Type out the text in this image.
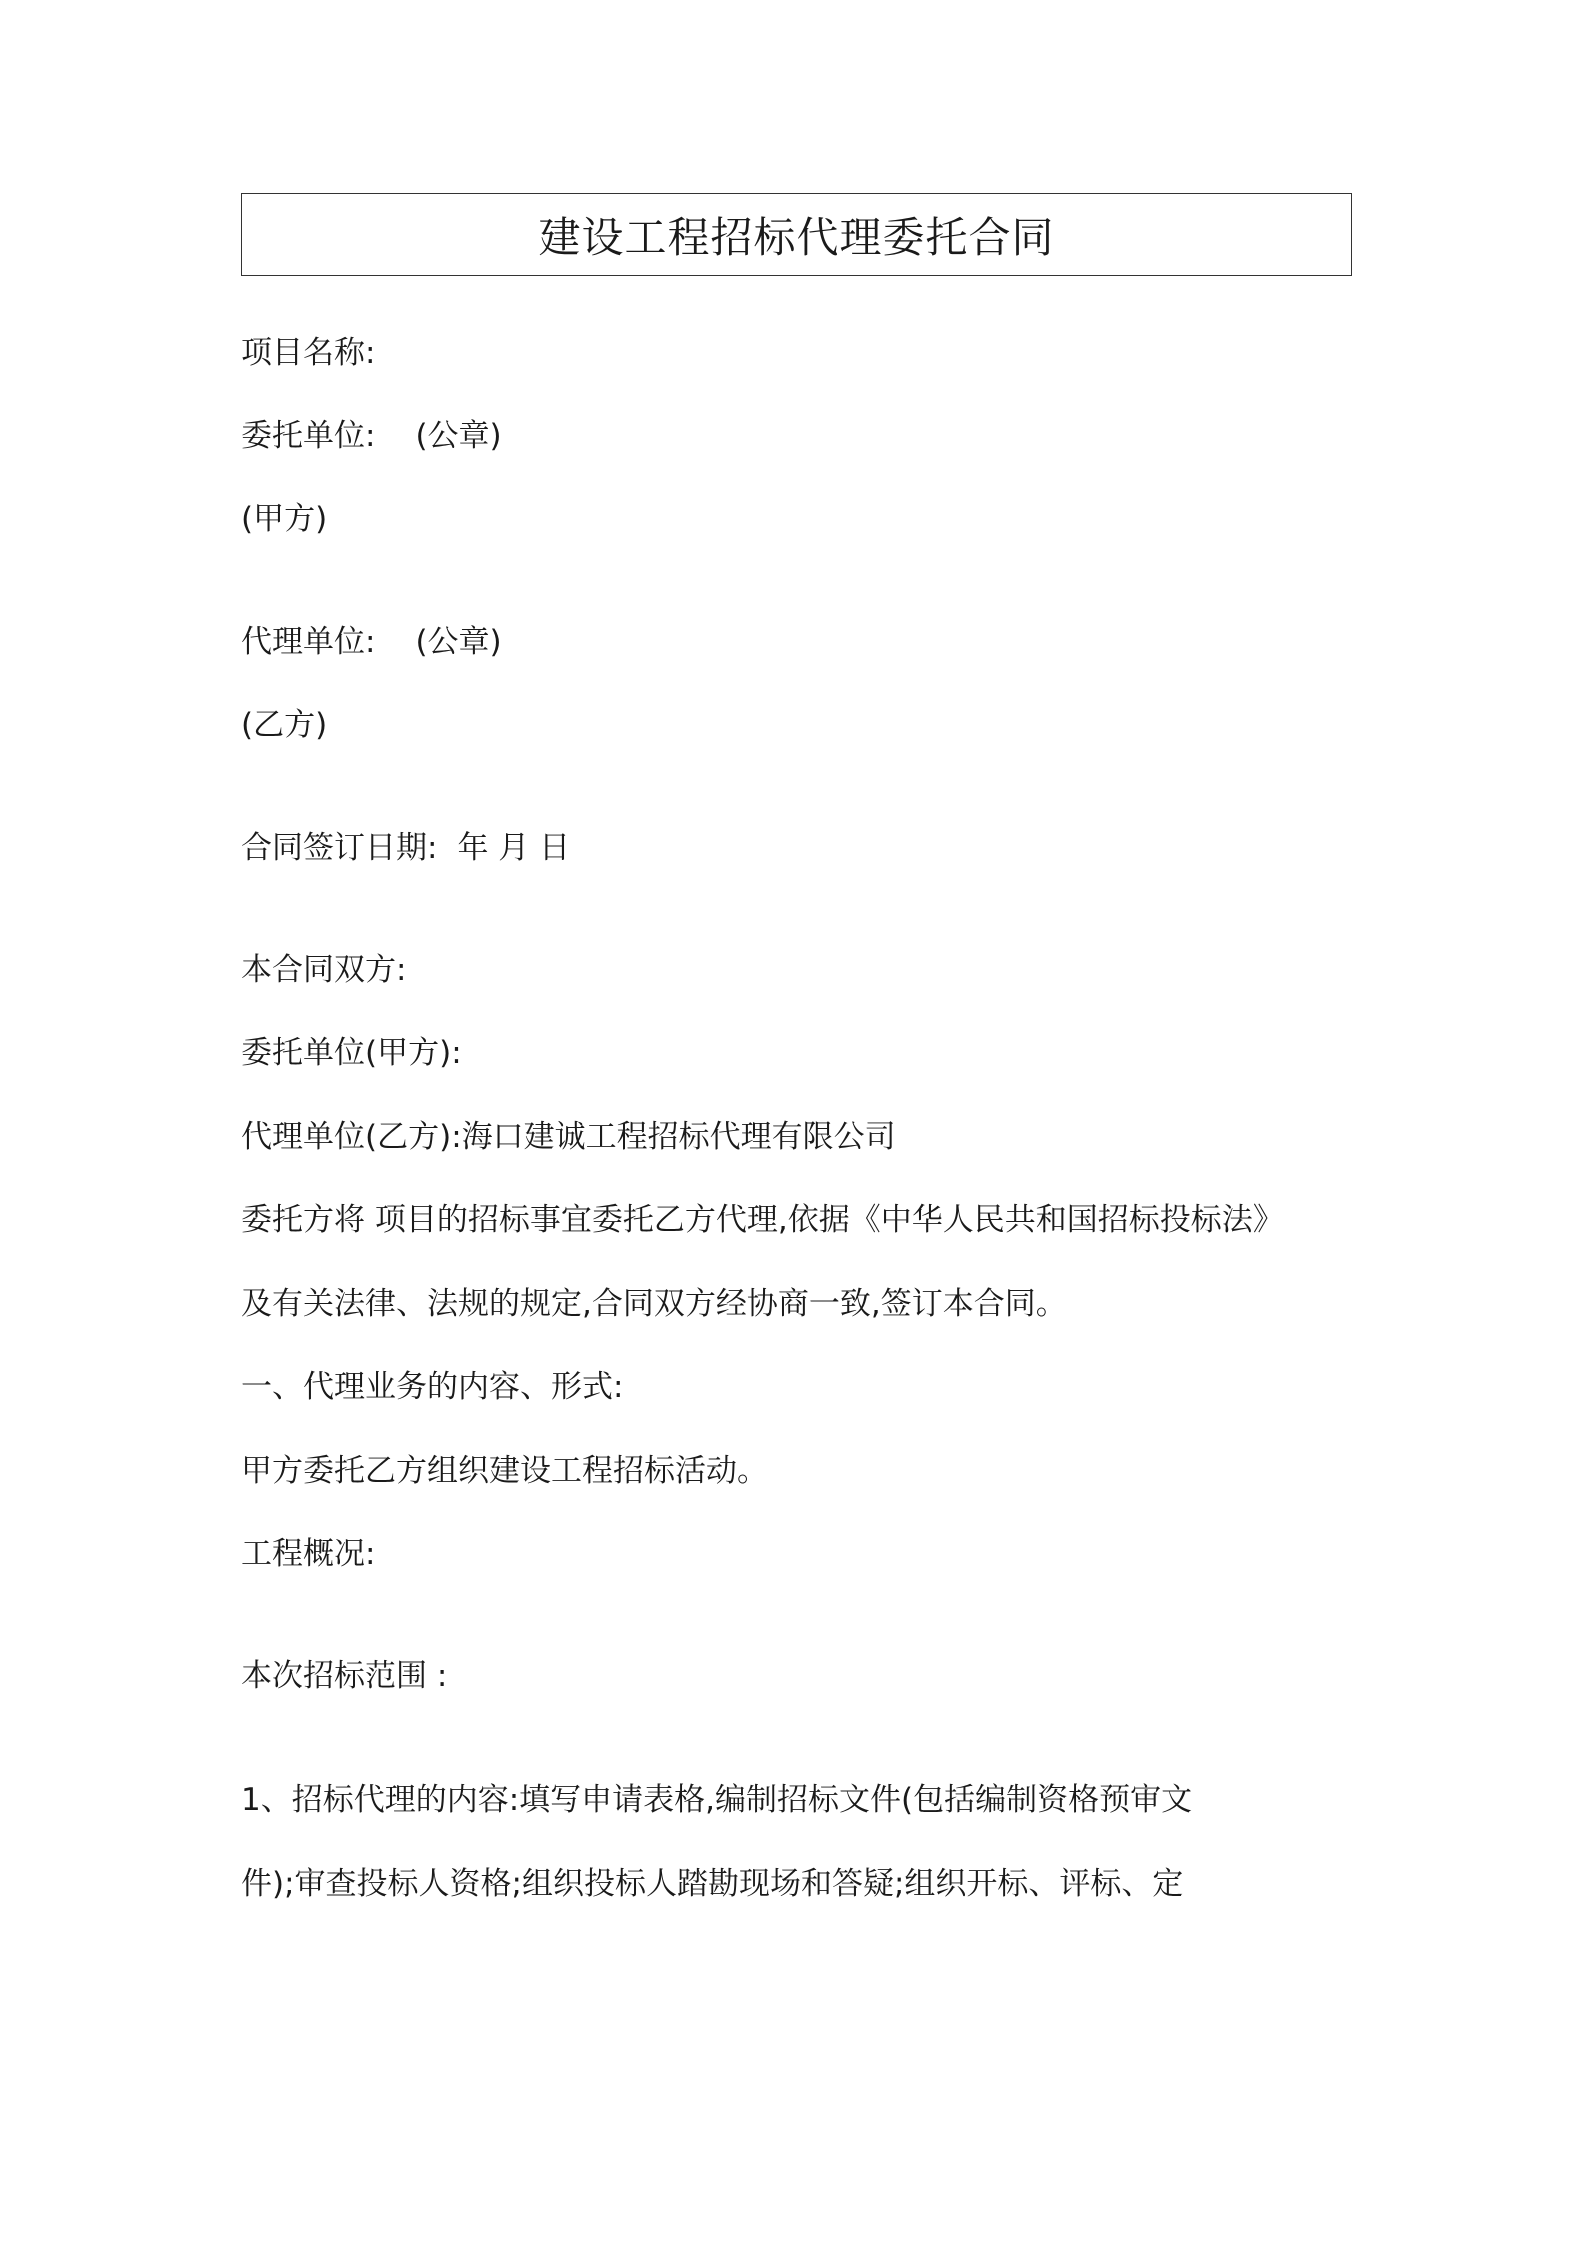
建设工程招标代理委托合同
项目名称:
委托单位: (公章)
(甲方)
代理单位: (公章)
(乙方)
合同签订日期: 年 月 日
本合同双方:
委托单位(甲方):
代理单位(乙方):海口建诚工程招标代理有限公司
委托方将 项目的招标事宜委托乙方代理,依据《中华人民共和国招标投标法》
及有关法律、法规的规定,合同双方经协商一致,签订本合同。
一、代理业务的内容、形式:
甲方委托乙方组织建设工程招标活动。
工程概况:
本次招标范围 :
1、招标代理的内容:填写申请表格,编制招标文件(包括编制资格预审文
件);审查投标人资格;组织投标人踏勘现场和答疑;组织开标、评标、定
